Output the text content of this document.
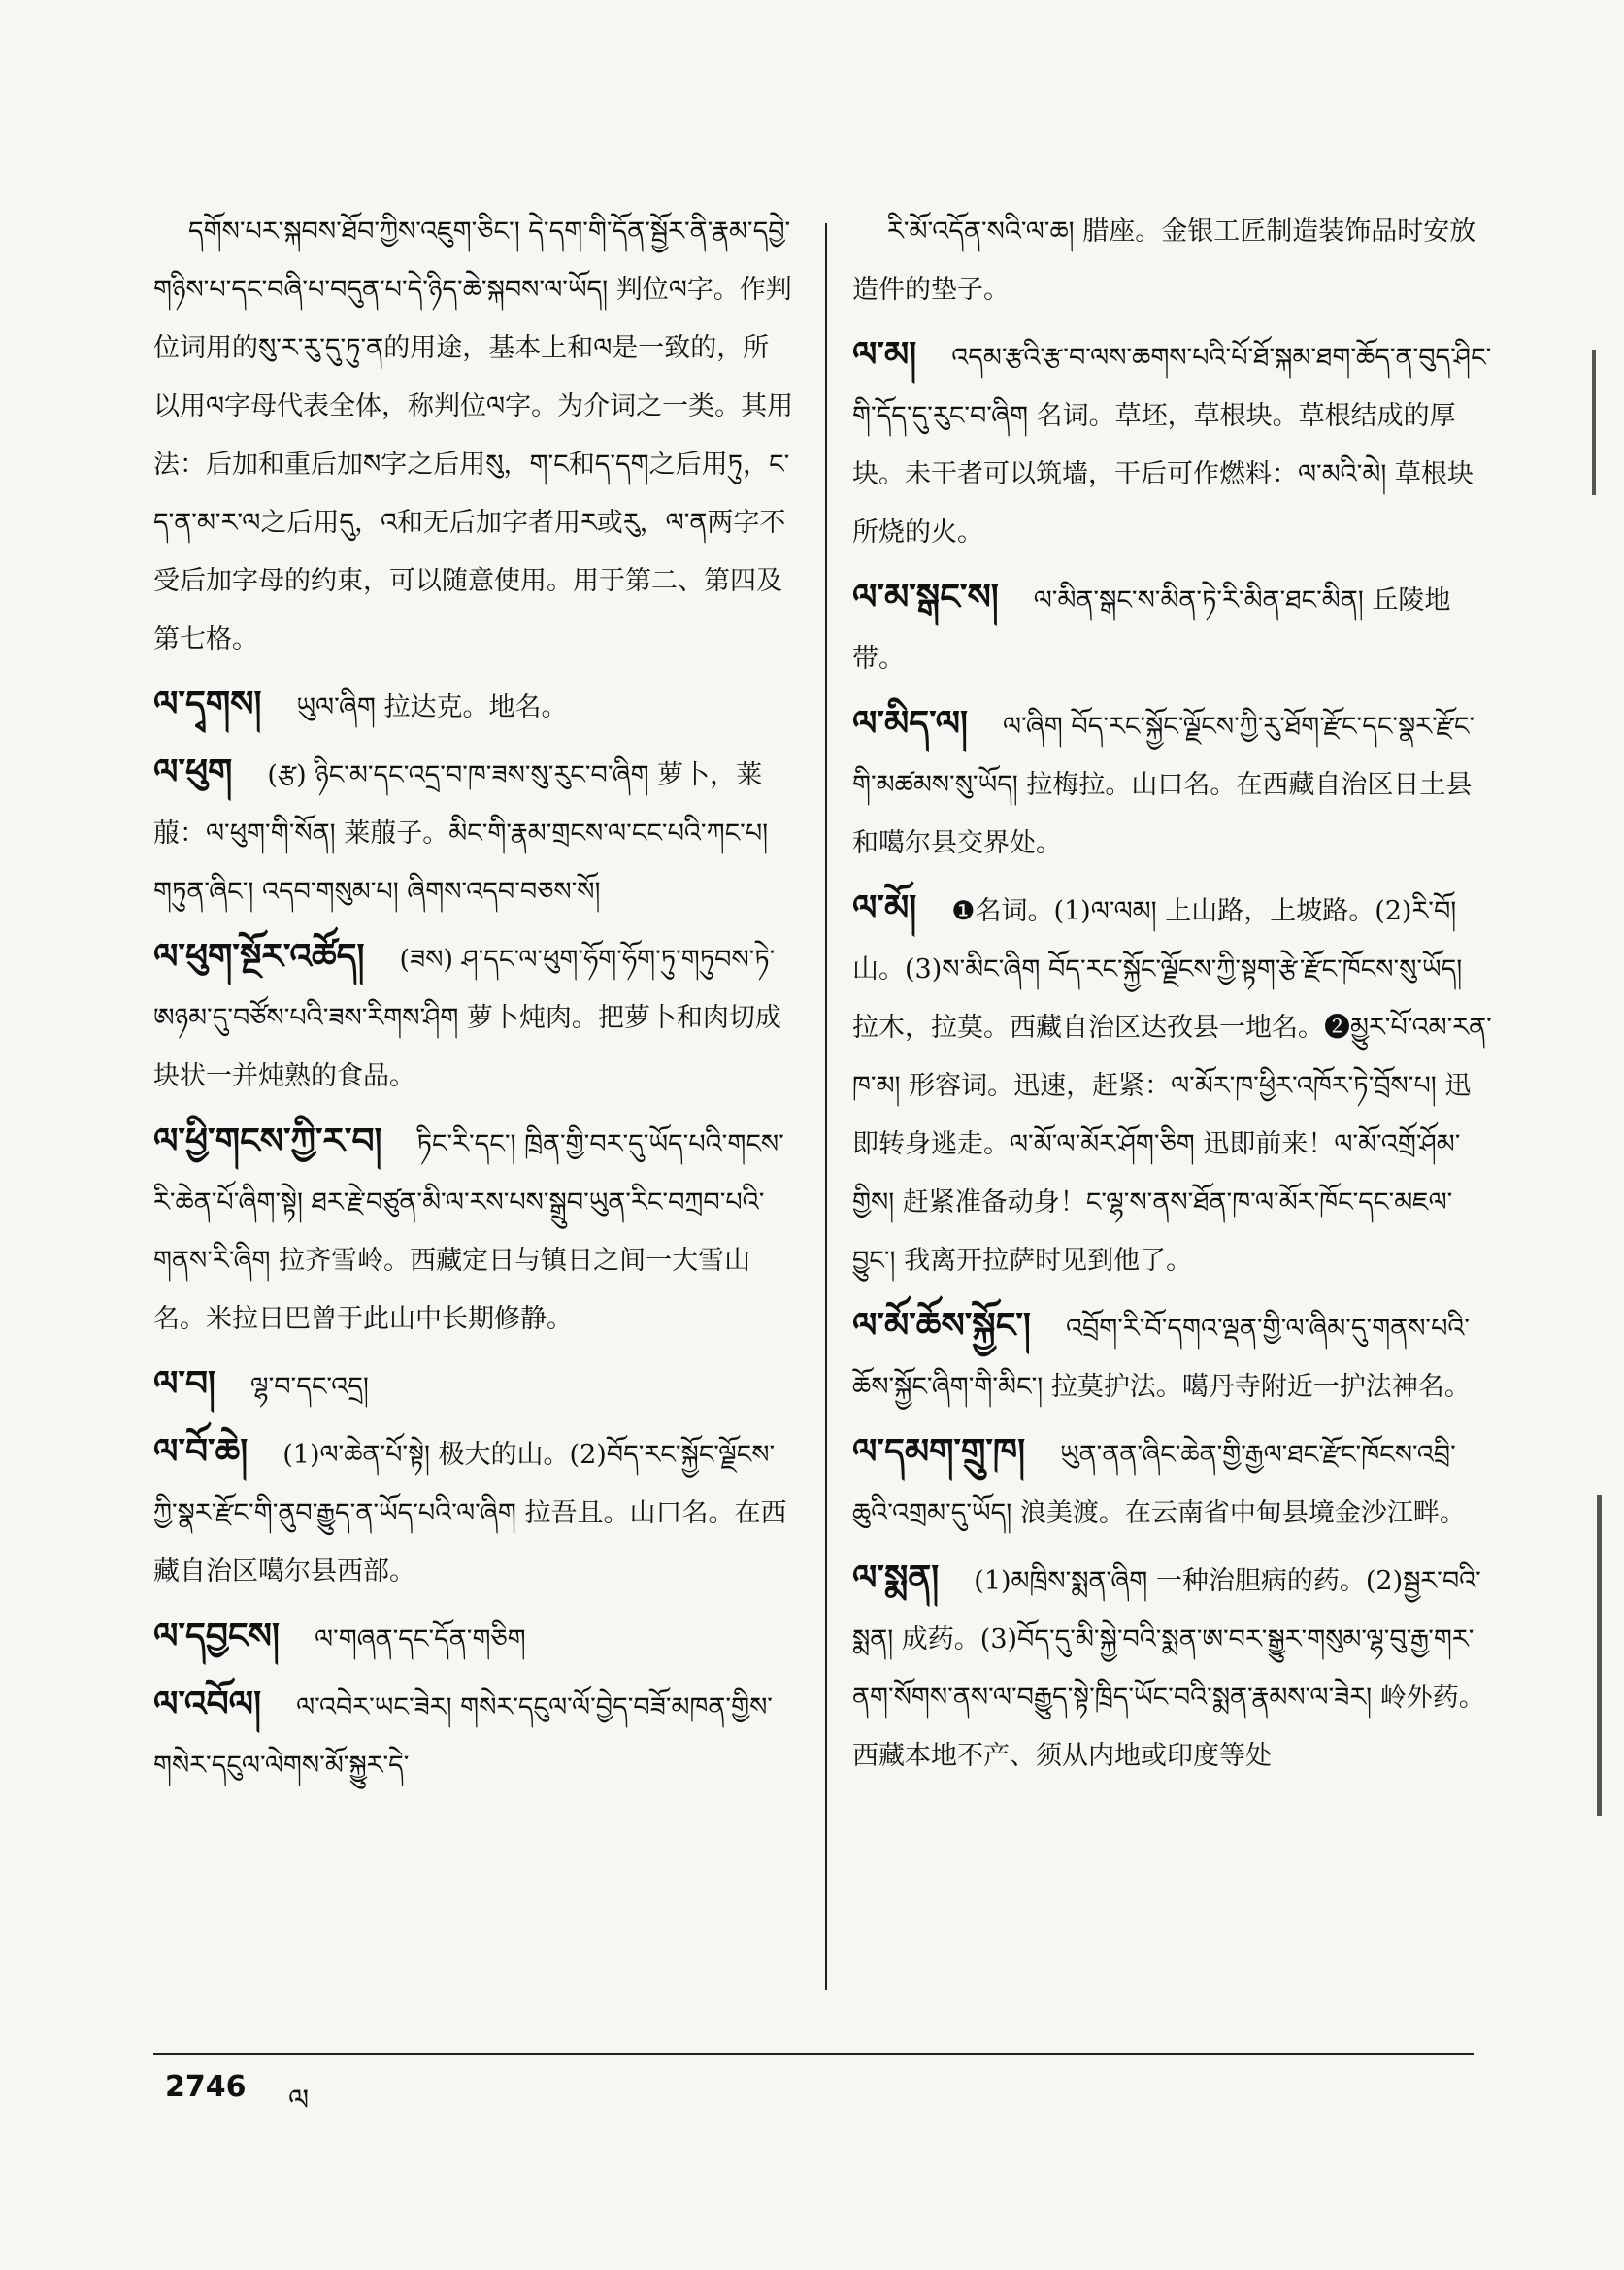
དགོས་པར་སྐབས་ཐོབ་ཀྱིས་འཇུག་ཅིང་། དེ་དག་གི་དོན་སྦྱོར་ནི་རྣམ་དབྱེ་གཉིས་པ་དང་བཞི་པ་བདུན་པ་དེ་ཉིད་ཆེ་སྐབས་ལ་ཡོད། 判位ལ字。作判位词用的སུ་ར་རུ་དུ་ཏུ་ན的用途，基本上和ལ是一致的，所以用ལ字母代表全体，称判位ལ字。为介词之一类。其用法：后加和重后加ས字之后用སུ，ག་ང和ད་དག之后用ཏུ，ང་ད་ན་མ་ར་ལ之后用དུ，འ和无后加字者用ར或རུ，ལ་ན两字不受后加字母的约束，可以随意使用。用于第二、第四及第七格。
ལ་དྭགས། ཡུལ་ཞིག 拉达克。地名。
ལ་ཕུག (རྩ) ཉིང་མ་དང་འདྲ་བ་ཁ་ཟས་སུ་རུང་བ་ཞིག 萝卜，莱菔：ལ་ཕུག་གི་སོན། 莱菔子。མིང་གི་རྣམ་གྲངས་ལ་ངང་པའི་ཀང་པ། གཏུན་ཞིང་། འདབ་གསུམ་པ། ཞིགས་འདབ་བཅས་སོ།
ལ་ཕུག་སྔོར་འཚོད། (ཟས) ཤ་དང་ལ་ཕུག་ཧོག་ཧོག་ཏུ་གཏུབས་ཏེ་ཨཉམ་དུ་བཙོས་པའི་ཟས་རིགས་ཤིག 萝卜炖肉。把萝卜和肉切成块状一并炖熟的食品。
ལ་ཕྱི་གངས་ཀྱི་ར་བ། ཏིང་རི་དང་། ཁྲིན་གྱི་བར་དུ་ཡོད་པའི་གངས་རི་ཆེན་པོ་ཞིག་སྟེ། ཐར་རྗེ་བཙུན་མི་ལ་རས་པས་སྒྲུབ་ཡུན་རིང་བཀྲབ་པའི་གནས་རི་ཞིག 拉齐雪岭。西藏定日与镇日之间一大雪山名。米拉日巴曾于此山中长期修静。
ལ་བ། ལྷ་བ་དང་འདྲ།
ལ་བོ་ཆེ། (1)ལ་ཆེན་པོ་སྟེ། 极大的山。(2)བོད་རང་སྐྱོང་ལྗོངས་ཀྱི་སྣར་རྫོང་གི་ནུབ་རྒྱུད་ན་ཡོད་པའི་ལ་ཞིག 拉吾且。山口名。在西藏自治区噶尔县西部。
ལ་དབྱངས། ལ་གཞན་དང་དོན་གཅིག
ལ་འབོལ། ལ་འབེར་ཡང་ཟེར། གསེར་དངུལ་ལོ་བྱེད་བཟོ་མཁན་གྱིས་གསེར་དངུལ་ལེགས་མོ་སྐྱུར་དེ་
རི་མོ་འདོན་སའི་ལ་ཆ། 腊座。金银工匠制造装饰品时安放造件的垫子。
ལ་མ། འདམ་རྩའི་རྩ་བ་ལས་ཆགས་པའི་པོ་ཐོ་སྐམ་ཐག་ཆོད་ན་བུད་ཤིང་གི་དོད་དུ་རུང་བ་ཞིག 名词。草坯，草根块。草根结成的厚块。未干者可以筑墙，干后可作燃料：ལ་མའི་མེ། 草根块所烧的火。
ལ་མ་སྒང་ས། ལ་མིན་སྒང་ས་མིན་ཏེ་རི་མིན་ཐང་མིན། 丘陵地带。
ལ་མིད་ལ། ལ་ཞིག བོད་རང་སྐྱོང་ལྗོངས་ཀྱི་རུ་ཐོག་རྫོང་དང་སྣར་རྫོང་གི་མཚམས་སུ་ཡོད། 拉梅拉。山口名。在西藏自治区日土县和噶尔县交界处。
ལ་མོ། ❶名词。(1)ལ་ལམ། 上山路，上坡路。(2)རི་བོ། 山。(3)ས་མིང་ཞིག བོད་རང་སྐྱོང་ལྗོངས་ཀྱི་སྟག་རྩེ་རྫོང་ཁོངས་སུ་ཡོད། 拉木，拉莫。西藏自治区达孜县一地名。❷མྱུར་པོ་འམ་རན་ཁ་མ། 形容词。迅速，赶紧：ལ་མོར་ཁ་ཕྱིར་འཁོར་ཏེ་བྲོས་པ། 迅即转身逃走。ལ་མོ་ལ་མོར་ཤོག་ཅིག 迅即前来！ལ་མོ་འགྲོ་ཤོམ་གྱིས། 赶紧准备动身！ང་ལྷ་ས་ནས་ཐོན་ཁ་ལ་མོར་ཁོང་དང་མཇལ་བྱུང་། 我离开拉萨时见到他了。
ལ་མོ་ཆོས་སྐྱོང་། འབྲོག་རི་བོ་དགའ་ལྡན་གྱི་ལ་ཞིམ་དུ་གནས་པའི་ཆོས་སྐྱོང་ཞིག་གི་མིང་། 拉莫护法。噶丹寺附近一护法神名。
ལ་དམག་གྲུ་ཁ། ཡུན་ནན་ཞིང་ཆེན་གྱི་རྒྱལ་ཐང་རྫོང་ཁོངས་འབྲི་ཆུའི་འགྲམ་དུ་ཡོད། 浪美渡。在云南省中甸县境金沙江畔。
ལ་སྨན། (1)མཁྲིས་སྨན་ཞིག 一种治胆病的药。(2)སྦྱར་བའི་སྨན། 成药。(3)བོད་དུ་མི་སྐྱེ་བའི་སྨན་ཨ་བར་སྒྱུར་གསུམ་ལྷ་བུ་རྒྱ་གར་ནག་སོགས་ནས་ལ་བརྒྱུད་སྟེ་ཁྲིད་ཡོང་བའི་སྨན་རྣམས་ལ་ཟེར། 岭外药。西藏本地不产、须从内地或印度等处
2746 ལ
